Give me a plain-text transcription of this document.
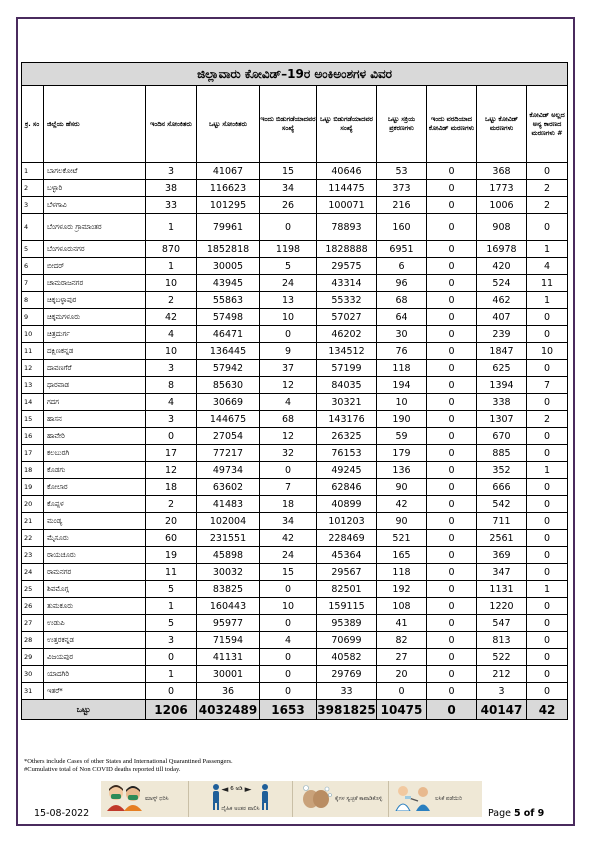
ಜಿಲ್ಲಾವಾರು ಕೋವಿಡ್–19ರ ಅಂಕಿಅಂಶಗಳ ವಿವರ									
ಕ್ರ. ಸಂ	ಜಿಲ್ಲೆಯ ಹೆಸರು	ಇಂದಿನ ಸೋಂಕಿತರು	ಒಟ್ಟು ಸೋಂಕಿತರು	ಇಂದು ಬಿಡುಗಡೆಯಾದವರ ಸಂಖ್ಯೆ	ಒಟ್ಟು ಬಿಡುಗಡೆಯಾದವರ ಸಂಖ್ಯೆ	ಒಟ್ಟು ಸಕ್ರಿಯ ಪ್ರಕರಣಗಳು	ಇಂದು ವರದಿಯಾದ ಕೋವಿಡ್ ಮರಣಗಳು	ಒಟ್ಟು ಕೋವಿಡ್ ಮರಣಗಳು	ಕೋವಿಡ್ ಅಲ್ಲದ ಅನ್ಯ ಕಾರಣದ ಮರಣಗಳು #
1	ಬಾಗಲಕೋಟೆ	3	41067	15	40646	53	0	368	0
2	ಬಳ್ಳಾರಿ	38	116623	34	114475	373	0	1773	2
3	ಬೆಳಗಾವಿ	33	101295	26	100071	216	0	1006	2
4	ಬೆಂಗಳೂರು ಗ್ರಾಮಾಂತರ	1	79961	0	78893	160	0	908	0
5	ಬೆಂಗಳೂರುನಗರ	870	1852818	1198	1828888	6951	0	16978	1
6	ಬೀದರ್	1	30005	5	29575	6	0	420	4
7	ಚಾಮರಾಜನಗರ	10	43945	24	43314	96	0	524	11
8	ಚಿಕ್ಕಬಳ್ಳಾಪುರ	2	55863	13	55332	68	0	462	1
9	ಚಿಕ್ಕಮಗಳೂರು	42	57498	10	57027	64	0	407	0
10	ಚಿತ್ರದುರ್ಗ	4	46471	0	46202	30	0	239	0
11	ದಕ್ಷಿಣಕನ್ನಡ	10	136445	9	134512	76	0	1847	10
12	ದಾವಣಗೆರೆ	3	57942	37	57199	118	0	625	0
13	ಧಾರವಾಡ	8	85630	12	84035	194	0	1394	7
14	ಗದಗ	4	30669	4	30321	10	0	338	0
15	ಹಾಸನ	3	144675	68	143176	190	0	1307	2
16	ಹಾವೇರಿ	0	27054	12	26325	59	0	670	0
17	ಕಲಬುರಗಿ	17	77217	32	76153	179	0	885	0
18	ಕೊಡಗು	12	49734	0	49245	136	0	352	1
19	ಕೋಲಾರ	18	63602	7	62846	90	0	666	0
20	ಕೊಪ್ಪಳ	2	41483	18	40899	42	0	542	0
21	ಮಂಡ್ಯ	20	102004	34	101203	90	0	711	0
22	ಮೈಸೂರು	60	231551	42	228469	521	0	2561	0
23	ರಾಯಚೂರು	19	45898	24	45364	165	0	369	0
24	ರಾಮನಗರ	11	30032	15	29567	118	0	347	0
25	ಶಿವಮೊಗ್ಗ	5	83825	0	82501	192	0	1131	1
26	ತುಮಕೂರು	1	160443	10	159115	108	0	1220	0
27	ಉಡುಪಿ	5	95977	0	95389	41	0	547	0
28	ಉತ್ತರಕನ್ನಡ	3	71594	4	70699	82	0	813	0
29	ವಿಜಯಪುರ	0	41131	0	40582	27	0	522	0
30	ಯಾದಗಿರಿ	1	30001	0	29769	20	0	212	0
31	ಇತರೆ*	0	36	0	33	0	0	3	0
ಒಟ್ಟು		1206	4032489	1653	3981825	10475	0	40147	42
*Others include Cases of other States and International Quarantined Passengers.
#Cumulative total of Non COVID deaths reported till today.
15-08-2022
ಮಾಸ್ಕ್ ಧರಿಸಿ
◄ 6 ಅಡಿ ►
ದೈಹಿಕ ಅಂತರ ಪಾಲಿಸಿ
ಕೈಗಳ ಸ್ವಚ್ಛತೆ ಕಾಪಾಡಿಕೊಳ್ಳಿ	ಲಸಿಕೆ ಪಡೆಯಿರಿ
Page 5 of 9
